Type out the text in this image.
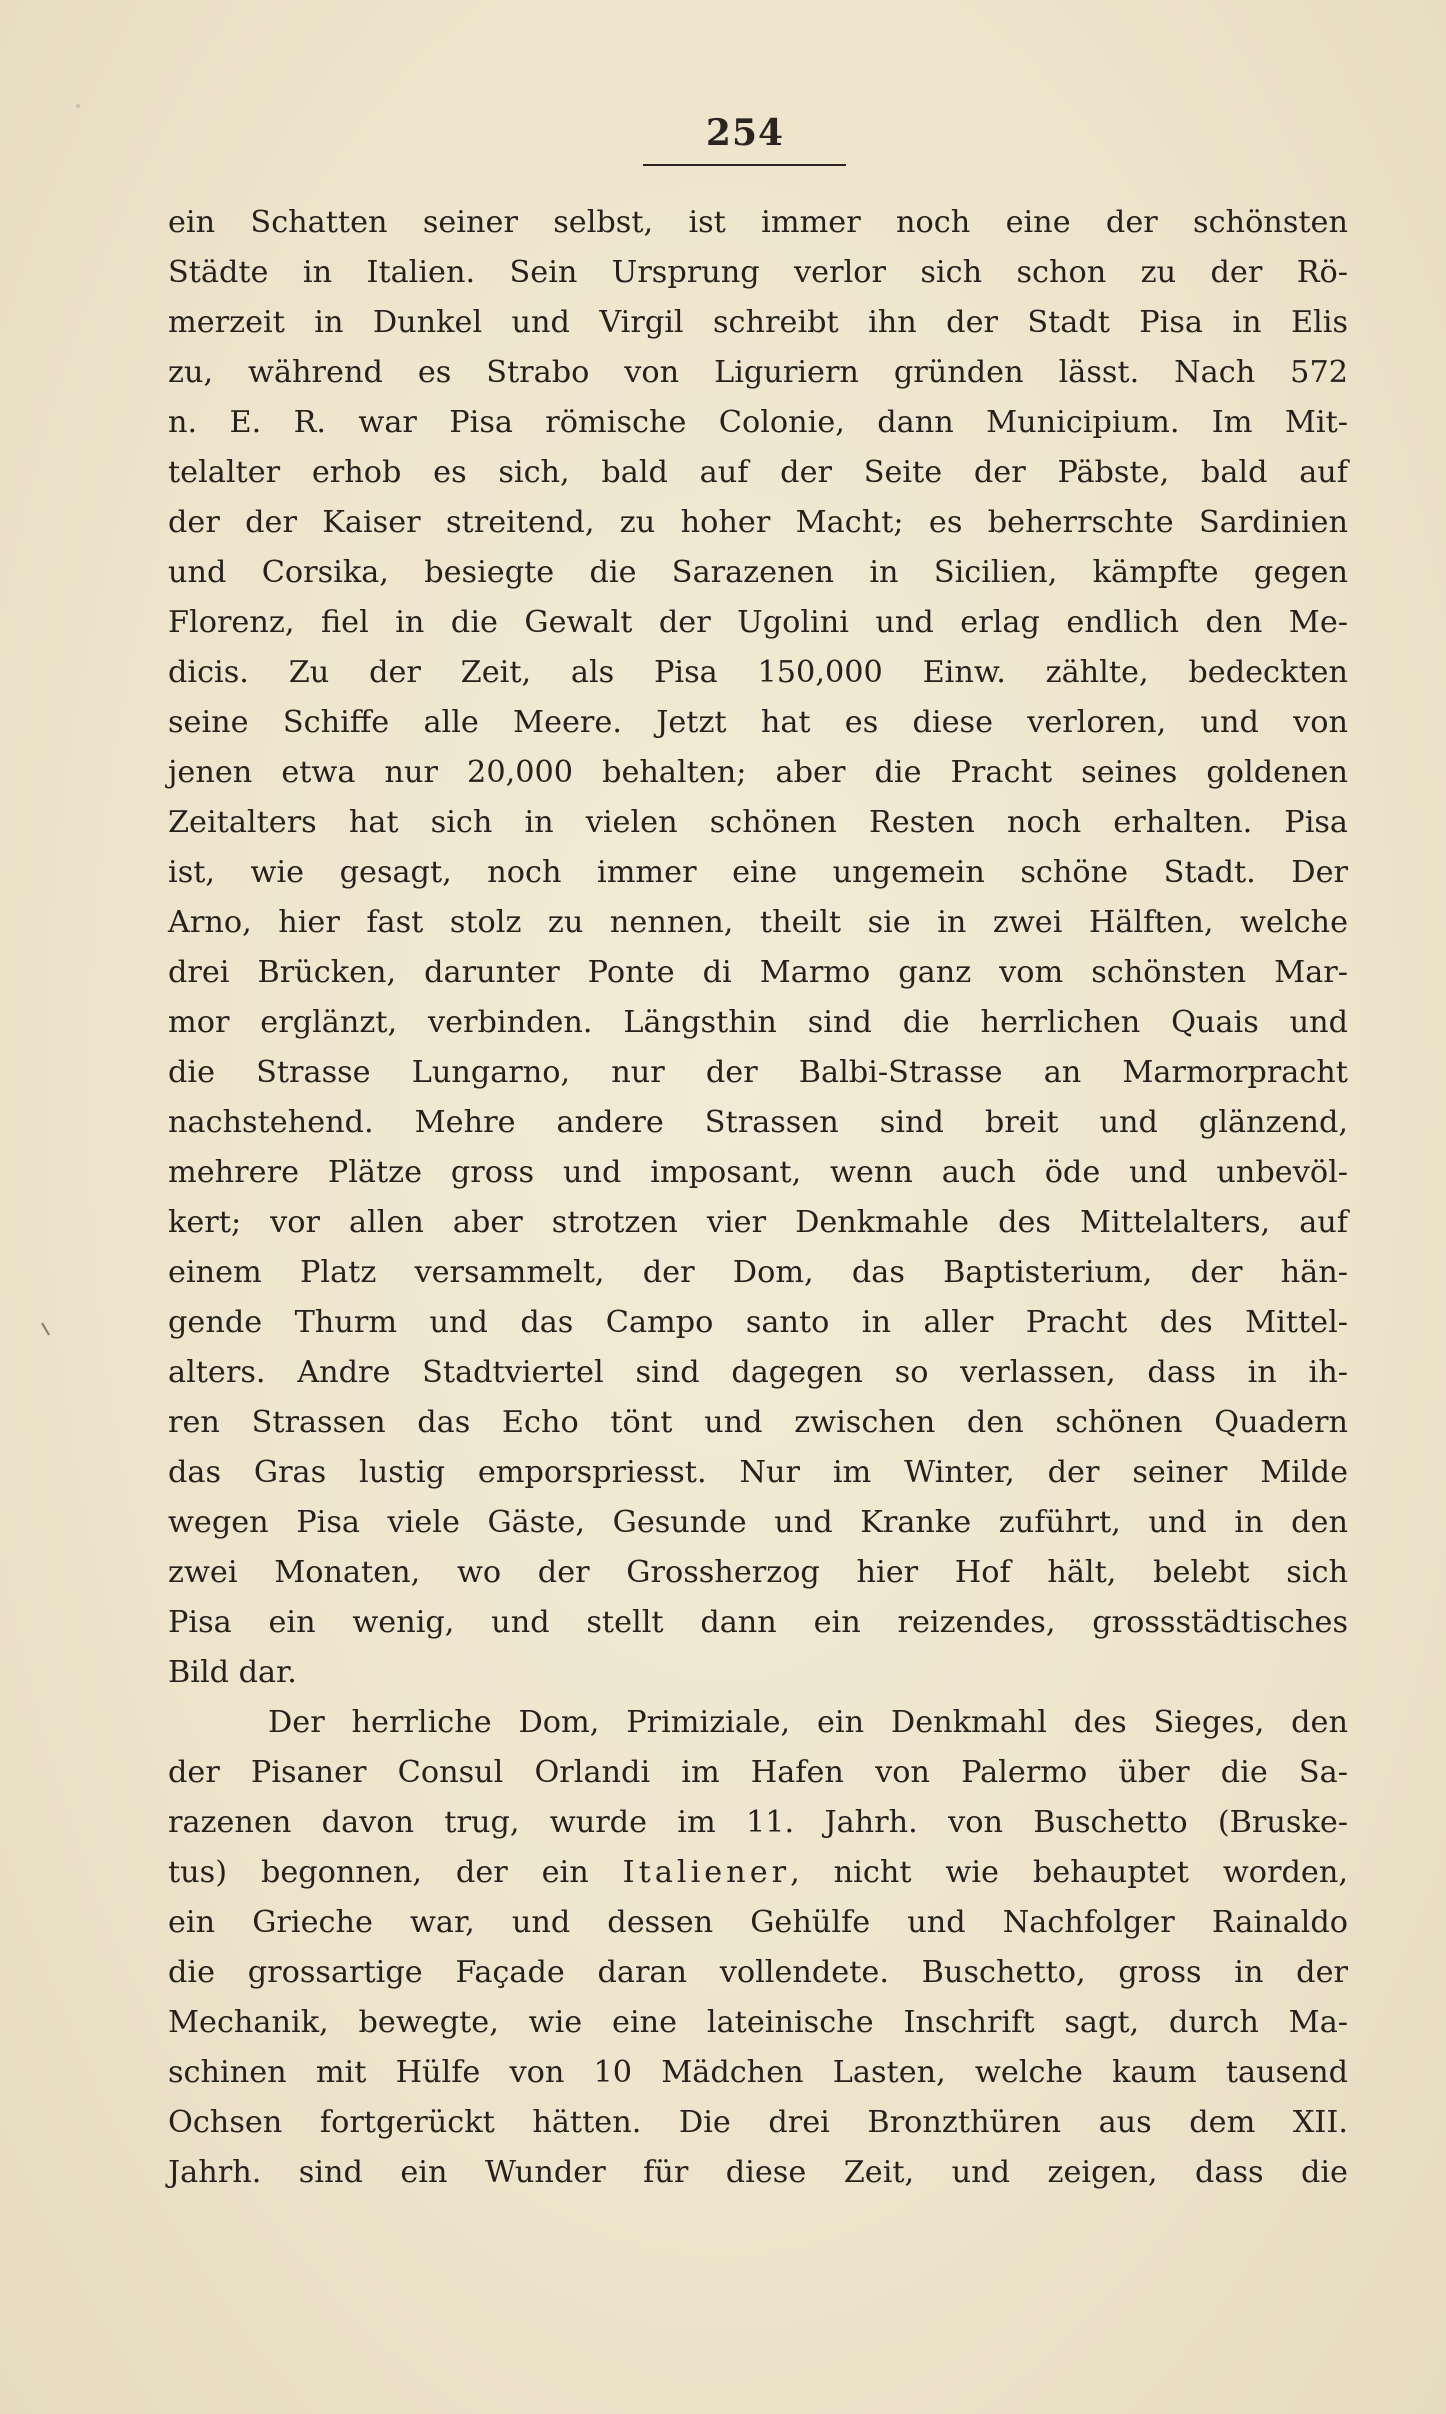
254
ein Schatten seiner selbst, ist immer noch eine der schönsten
Städte in Italien. Sein Ursprung verlor sich schon zu der Rö-
merzeit in Dunkel und Virgil schreibt ihn der Stadt Pisa in Elis
zu, während es Strabo von Liguriern gründen lässt. Nach 572
n. E. R. war Pisa römische Colonie, dann Municipium. Im Mit-
telalter erhob es sich, bald auf der Seite der Päbste, bald auf
der der Kaiser streitend, zu hoher Macht; es beherrschte Sardinien
und Corsika, besiegte die Sarazenen in Sicilien, kämpfte gegen
Florenz, fiel in die Gewalt der Ugolini und erlag endlich den Me-
dicis. Zu der Zeit, als Pisa 150,000 Einw. zählte, bedeckten
seine Schiffe alle Meere. Jetzt hat es diese verloren, und von
jenen etwa nur 20,000 behalten; aber die Pracht seines goldenen
Zeitalters hat sich in vielen schönen Resten noch erhalten. Pisa
ist, wie gesagt, noch immer eine ungemein schöne Stadt. Der
Arno, hier fast stolz zu nennen, theilt sie in zwei Hälften, welche
drei Brücken, darunter Ponte di Marmo ganz vom schönsten Mar-
mor erglänzt, verbinden. Längsthin sind die herrlichen Quais und
die Strasse Lungarno, nur der Balbi-Strasse an Marmorpracht
nachstehend. Mehre andere Strassen sind breit und glänzend,
mehrere Plätze gross und imposant, wenn auch öde und unbevöl-
kert; vor allen aber strotzen vier Denkmahle des Mittelalters, auf
einem Platz versammelt, der Dom, das Baptisterium, der hän-
gende Thurm und das Campo santo in aller Pracht des Mittel-
alters. Andre Stadtviertel sind dagegen so verlassen, dass in ih-
ren Strassen das Echo tönt und zwischen den schönen Quadern
das Gras lustig emporspriesst. Nur im Winter, der seiner Milde
wegen Pisa viele Gäste, Gesunde und Kranke zuführt, und in den
zwei Monaten, wo der Grossherzog hier Hof hält, belebt sich
Pisa ein wenig, und stellt dann ein reizendes, grossstädtisches
Bild dar.
Der herrliche Dom, Primiziale, ein Denkmahl des Sieges, den
der Pisaner Consul Orlandi im Hafen von Palermo über die Sa-
razenen davon trug, wurde im 11. Jahrh. von Buschetto (Bruske-
tus) begonnen, der ein Italiener, nicht wie behauptet worden,
ein Grieche war, und dessen Gehülfe und Nachfolger Rainaldo
die grossartige Façade daran vollendete. Buschetto, gross in der
Mechanik, bewegte, wie eine lateinische Inschrift sagt, durch Ma-
schinen mit Hülfe von 10 Mädchen Lasten, welche kaum tausend
Ochsen fortgerückt hätten. Die drei Bronzthüren aus dem XII.
Jahrh. sind ein Wunder für diese Zeit, und zeigen, dass die
